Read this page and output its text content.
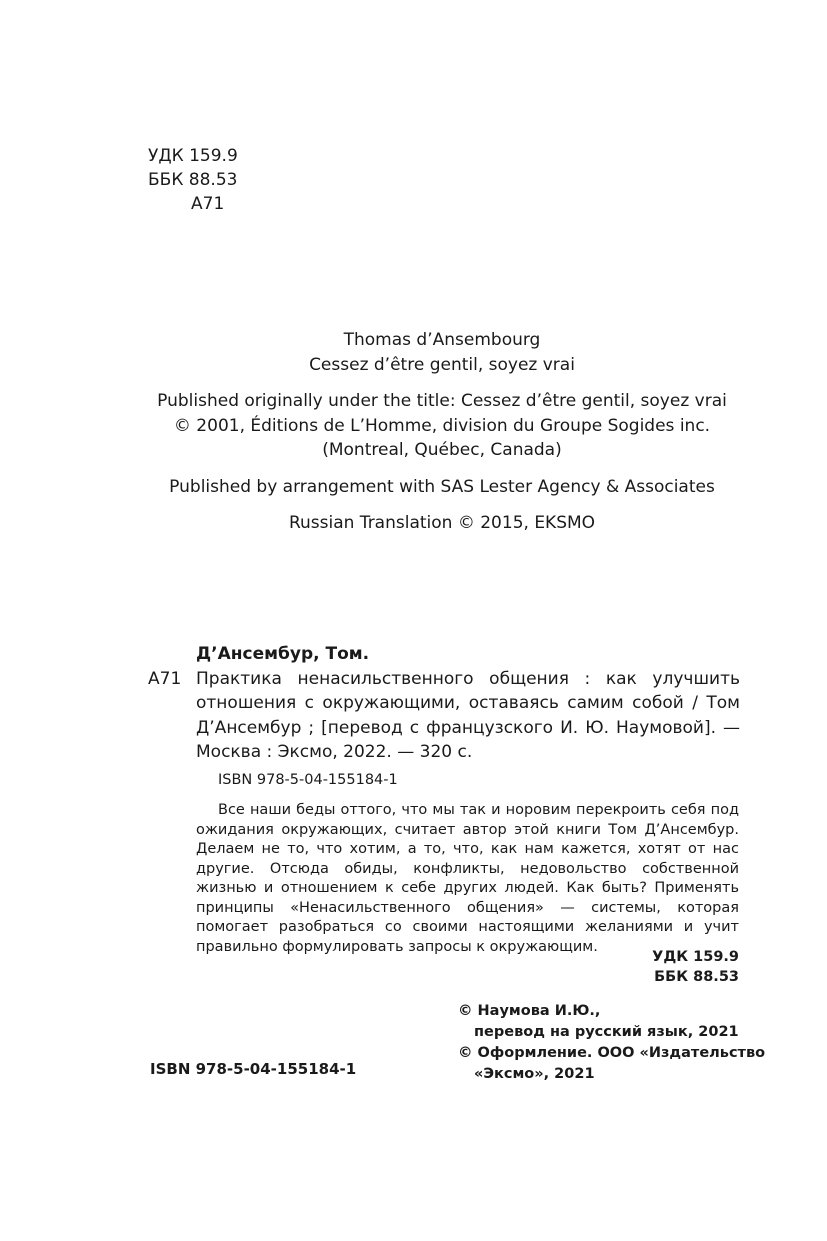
УДК 159.9
ББК 88.53
А71

Thomas d’Ansembourg
Cessez d’être gentil, soyez vrai

Published originally under the title: Cessez d’être gentil, soyez vrai © 2001, Éditions de L’Homme, division du Groupe Sogides inc. (Montreal, Québec, Canada)

Published by arrangement with SAS Lester Agency & Associates

Russian Translation © 2015, EKSMO

Д’Ансембур, Том.
А71 Практика ненасильственного общения : как улучшить отношения с окружающими, оставаясь самим собой / Том Д’Ансембур ; [перевод с французского И. Ю. Наумовой]. — Москва : Эксмо, 2022. — 320 с.
ISBN 978-5-04-155184-1

Все наши беды оттого, что мы так и норовим перекроить себя под ожидания окружающих, считает автор этой книги Том Д’Ансембур. Делаем не то, что хотим, а то, что, как нам кажется, хотят от нас другие. Отсюда обиды, конфликты, недовольство собственной жизнью и отношением к себе других людей. Как быть? Применять принципы «Ненасильственного общения» — системы, которая помогает разобраться со своими настоящими желаниями и учит правильно формулировать запросы к окружающим.

УДК 159.9
ББК 88.53
ISBN 978-5-04-155184-1
© Наумова И.Ю.,
перевод на русский язык, 2021
© Оформление. ООО «Издательство
«Эксмо», 2021
